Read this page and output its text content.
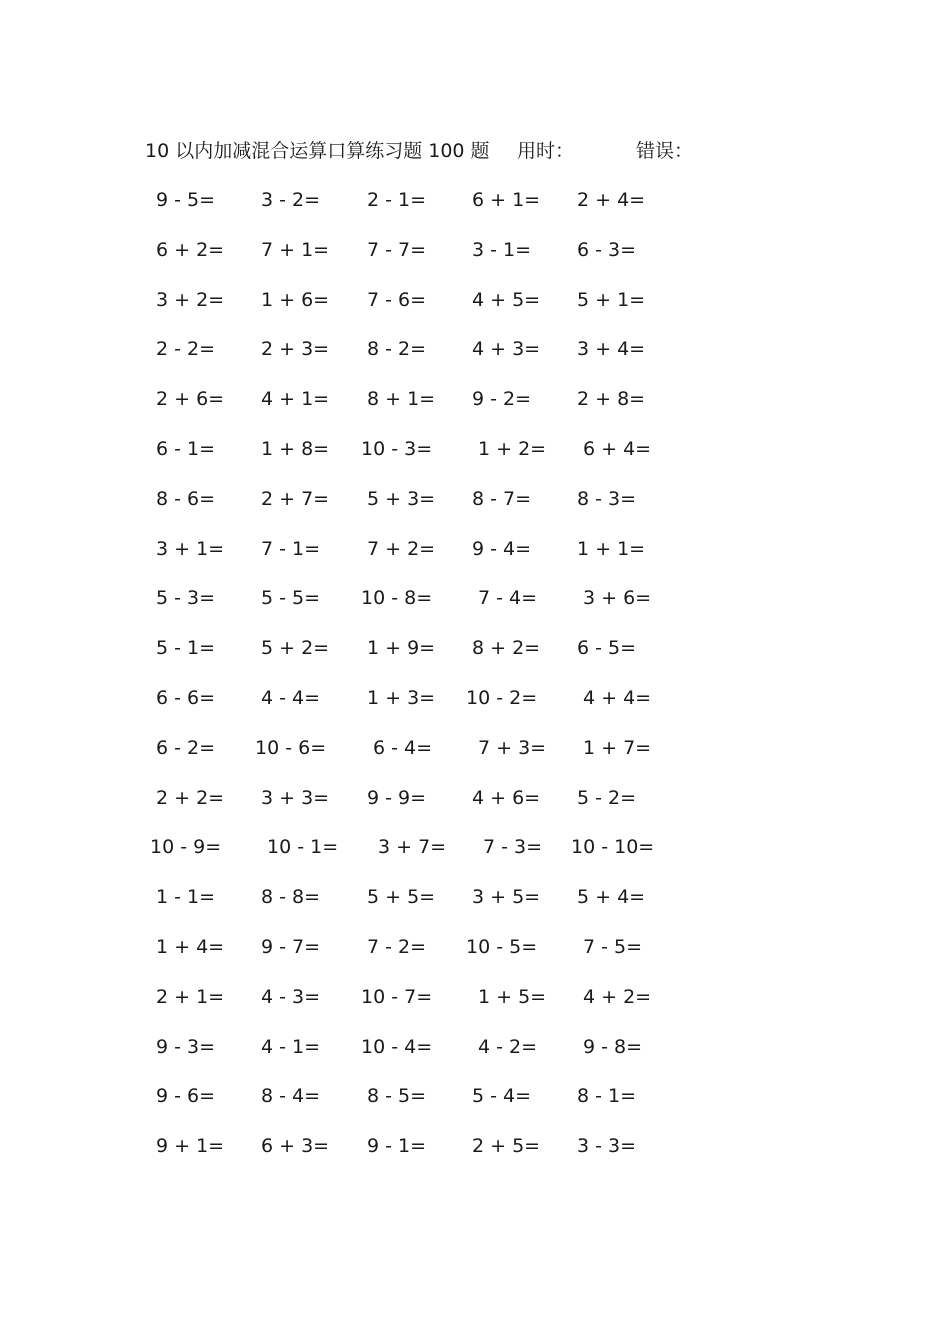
10 以内加减混合运算口算练习题 100 题 用时：	错误：
9 - 5= 3 - 2= 2 - 1= 6 + 1= 2 + 4=
6 + 2= 7 + 1= 7 - 7= 3 - 1= 6 - 3=
3 + 2= 1 + 6= 7 - 6= 4 + 5= 5 + 1=
2 - 2= 2 + 3= 8 - 2= 4 + 3= 3 + 4=
2 + 6= 4 + 1= 8 + 1= 9 - 2= 2 + 8=
6 - 1= 1 + 8= 10 - 3= 1 + 2= 6 + 4=
8 - 6= 2 + 7= 5 + 3= 8 - 7= 8 - 3=
3 + 1= 7 - 1= 7 + 2= 9 - 4= 1 + 1=
5 - 3= 5 - 5= 10 - 8= 7 - 4= 3 + 6=
5 - 1= 5 + 2= 1 + 9= 8 + 2= 6 - 5=
6 - 6= 4 - 4= 1 + 3= 10 - 2= 4 + 4=
6 - 2= 10 - 6= 6 - 4= 7 + 3= 1 + 7=
2 + 2= 3 + 3= 9 - 9= 4 + 6= 5 - 2=
10 - 9= 10 - 1= 3 + 7= 7 - 3= 10 - 10=
1 - 1= 8 - 8= 5 + 5= 3 + 5= 5 + 4=
1 + 4= 9 - 7= 7 - 2= 10 - 5= 7 - 5=
2 + 1= 4 - 3= 10 - 7= 1 + 5= 4 + 2=
9 - 3= 4 - 1= 10 - 4= 4 - 2= 9 - 8=
9 - 6= 8 - 4= 8 - 5= 5 - 4= 8 - 1=
9 + 1= 6 + 3= 9 - 1= 2 + 5= 3 - 3=
